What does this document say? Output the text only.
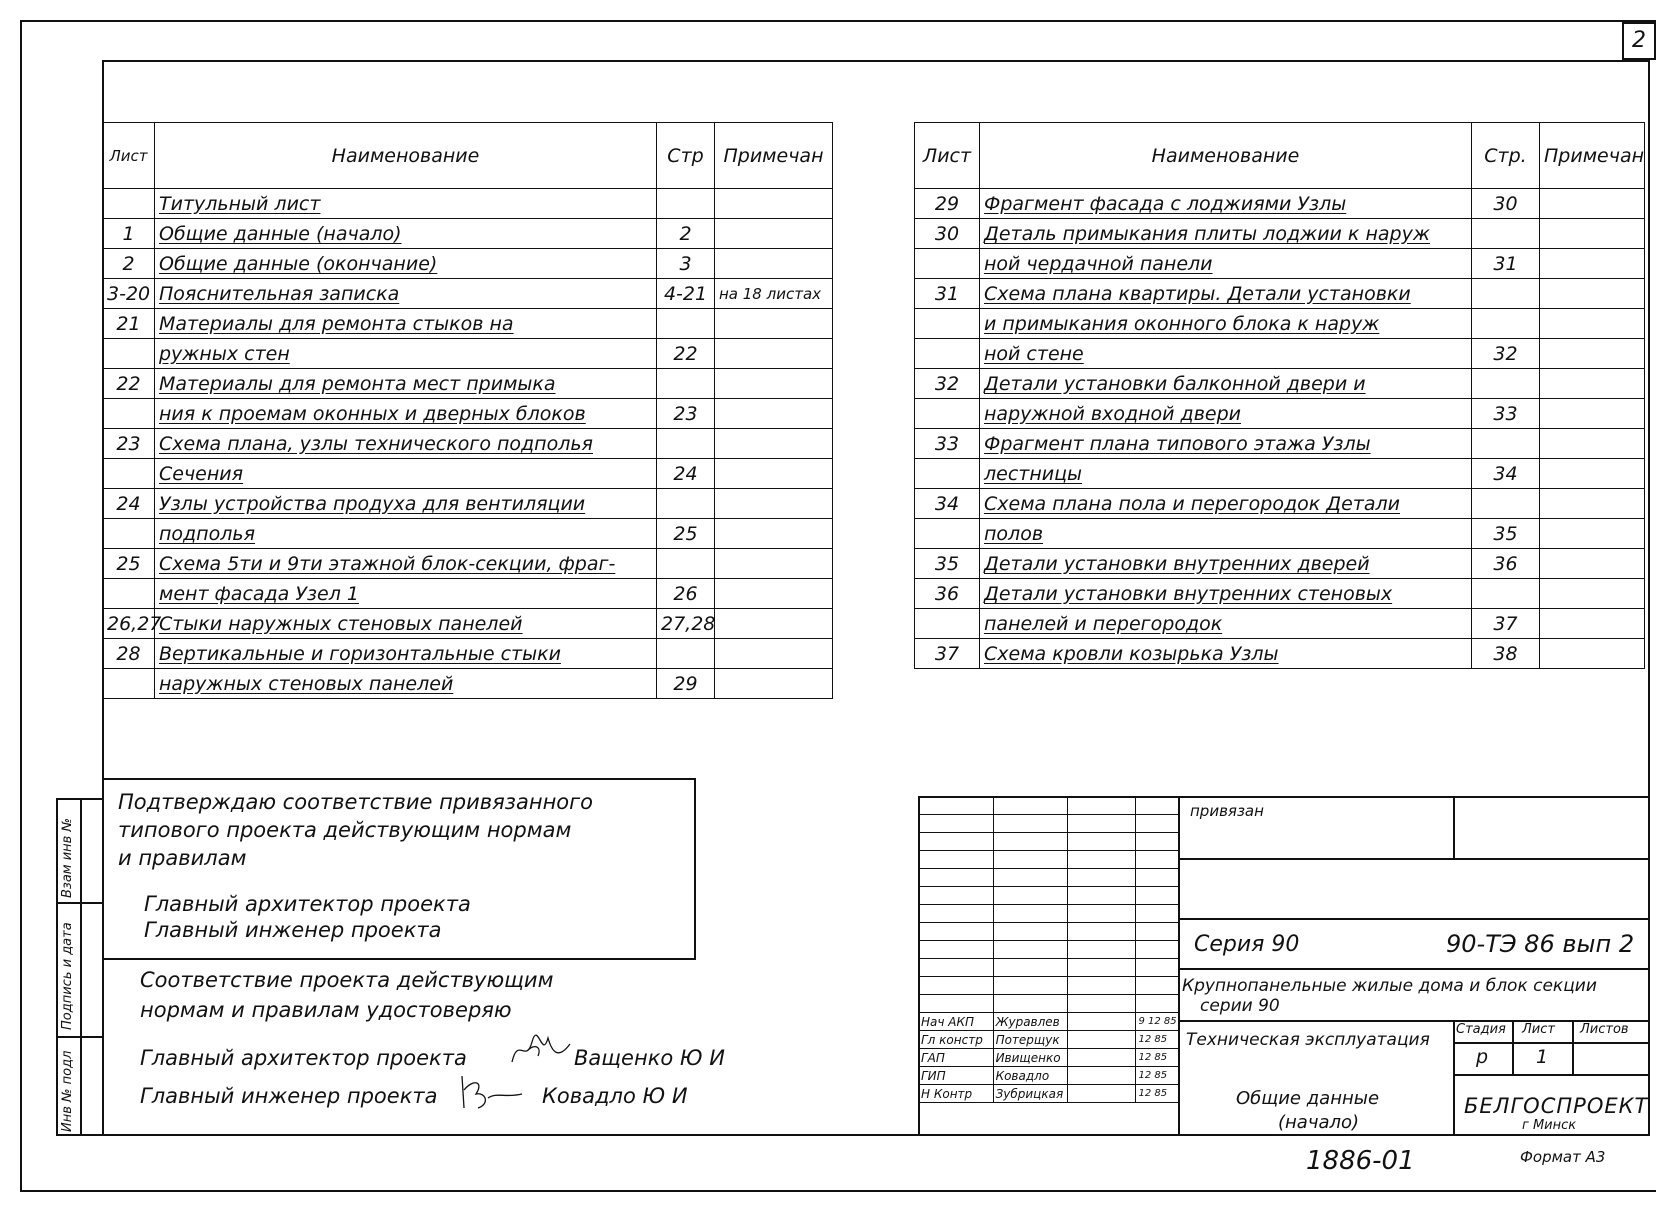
2
Взам инв №
Подпись и дата
Инв № подл
Лист	Наименование	Стр	Примечан
	Титульный лист		
1	Общие данные (начало)	2	
2	Общие данные (окончание)	3	
3-20	Пояснительная записка	4-21	на 18 листах
21	Материалы для ремонта стыков на		
	ружных стен	22	
22	Материалы для ремонта мест примыка		
	ния к проемам оконных и дверных блоков	23	
23	Схема плана, узлы технического подполья		
	Сечения	24	
24	Узлы устройства продуха для вентиляции		
	подполья	25	
25	Схема 5ти и 9ти этажной блок-секции, фраг-		
	мент фасада Узел 1	26	
26,27	Стыки наружных стеновых панелей	27,28	
28	Вертикальные и горизонтальные стыки		
	наружных стеновых панелей	29	
Лист	Наименование	Стр.	Примечан
29	Фрагмент фасада с лоджиями Узлы	30	
30	Деталь примыкания плиты лоджии к наруж		
	ной чердачной панели	31	
31	Схема плана квартиры. Детали установки		
	и примыкания оконного блока к наруж		
	ной стене	32	
32	Детали установки балконной двери и		
	наружной входной двери	33	
33	Фрагмент плана типового этажа Узлы		
	лестницы	34	
34	Схема плана пола и перегородок Детали		
	полов	35	
35	Детали установки внутренних дверей	36	
36	Детали установки внутренних стеновых		
	панелей и перегородок	37	
37	Схема кровли козырька Узлы	38	
Подтверждаю соответствие привязанного
типового проекта действующим нормам
и правилам
Главный архитектор проекта
Главный инженер проекта
Соответствие проекта действующим
нормам и правилам удостоверяю
Главный архитектор проекта	Ващенко Ю И
Главный инженер проекта	Ковадло Ю И

Нач АКП	Журавлев		9 12 85
Гл констр	Потерщук		12 85
ГАП	Ивищенко		12 85
ГИП	Ковадло		12 85
Н Контр	Зубрицкая		12 85
привязан
Серия 90	90-ТЭ 86 вып 2
Крупнопанельные жилые дома и блок секции
серии 90
Техническая эксплуатация
Стадия Лист Листов
р	1
Общие данные
(начало)
БЕЛГОСПРОЕКТ
г Минск
1886-01	Формат А3
